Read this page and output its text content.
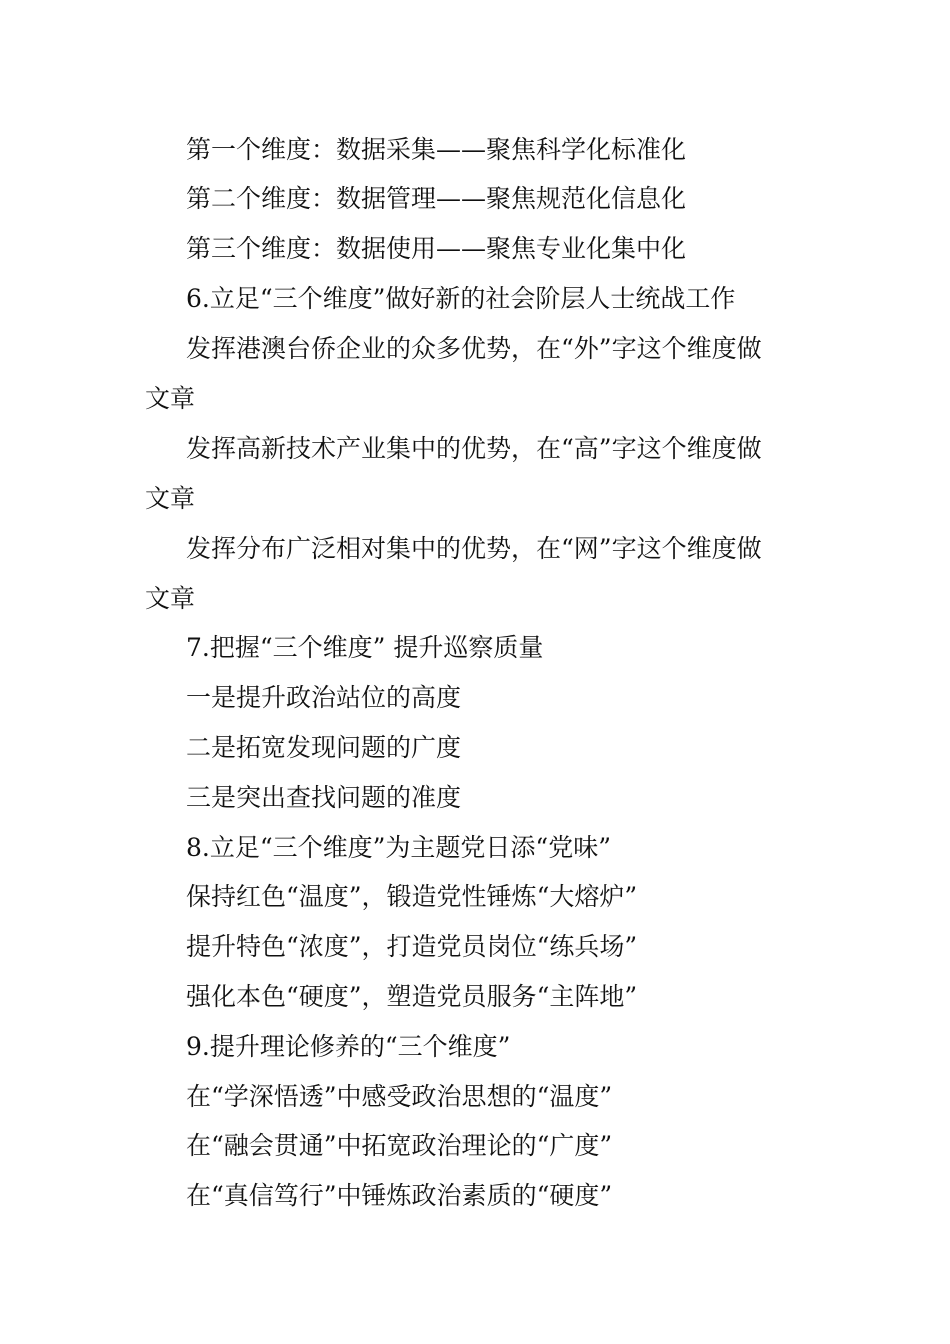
第一个维度：数据采集——聚焦科学化标准化
第二个维度：数据管理——聚焦规范化信息化
第三个维度：数据使用——聚焦专业化集中化
6.立足“三个维度”做好新的社会阶层人士统战工作
发挥港澳台侨企业的众多优势，在“外”字这个维度做
文章
发挥高新技术产业集中的优势，在“高”字这个维度做
文章
发挥分布广泛相对集中的优势，在“网”字这个维度做
文章
7.把握“三个维度” 提升巡察质量
一是提升政治站位的高度
二是拓宽发现问题的广度
三是突出查找问题的准度
8.立足“三个维度”为主题党日添“党味”
保持红色“温度”，锻造党性锤炼“大熔炉”
提升特色“浓度”，打造党员岗位“练兵场”
强化本色“硬度”，塑造党员服务“主阵地”
9.提升理论修养的“三个维度”
在“学深悟透”中感受政治思想的“温度”
在“融会贯通”中拓宽政治理论的“广度”
在“真信笃行”中锤炼政治素质的“硬度”
